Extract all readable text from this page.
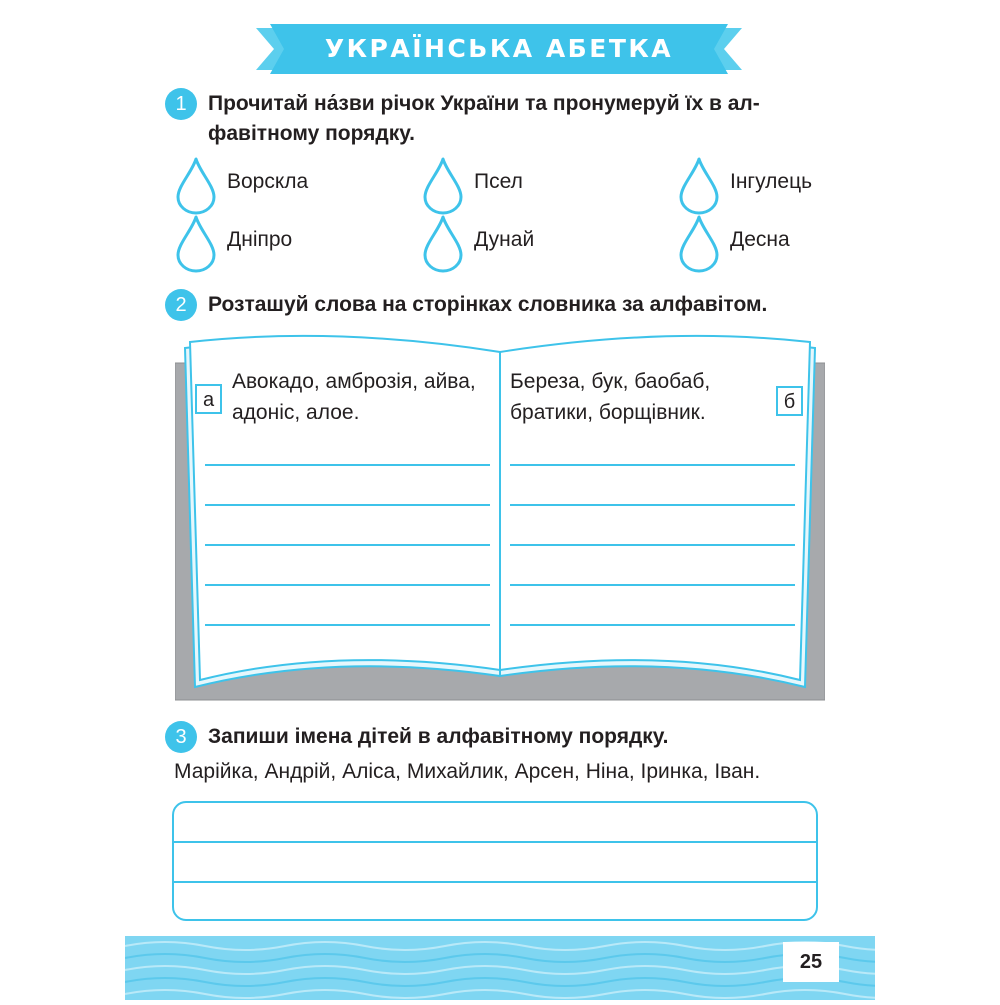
УКРАЇНСЬКА АБЕТКА
1	Прочитай на́зви річок України та пронумеруй їх в ал-
фавітному порядку.
Ворскла	Псел	Інгулець
Дніпро	Дунай	Десна
2	Розташуй слова на сторінках словника за алфавітом.
а
Авокадо, амброзія, айва,
адоніс, алое.	б
Береза, бук, баобаб,
братики, борщівник.
3	Запиши імена дітей в алфавітному порядку.
Марійка, Андрій, Аліса, Михайлик, Арсен, Ніна, Іринка, Іван.
25
